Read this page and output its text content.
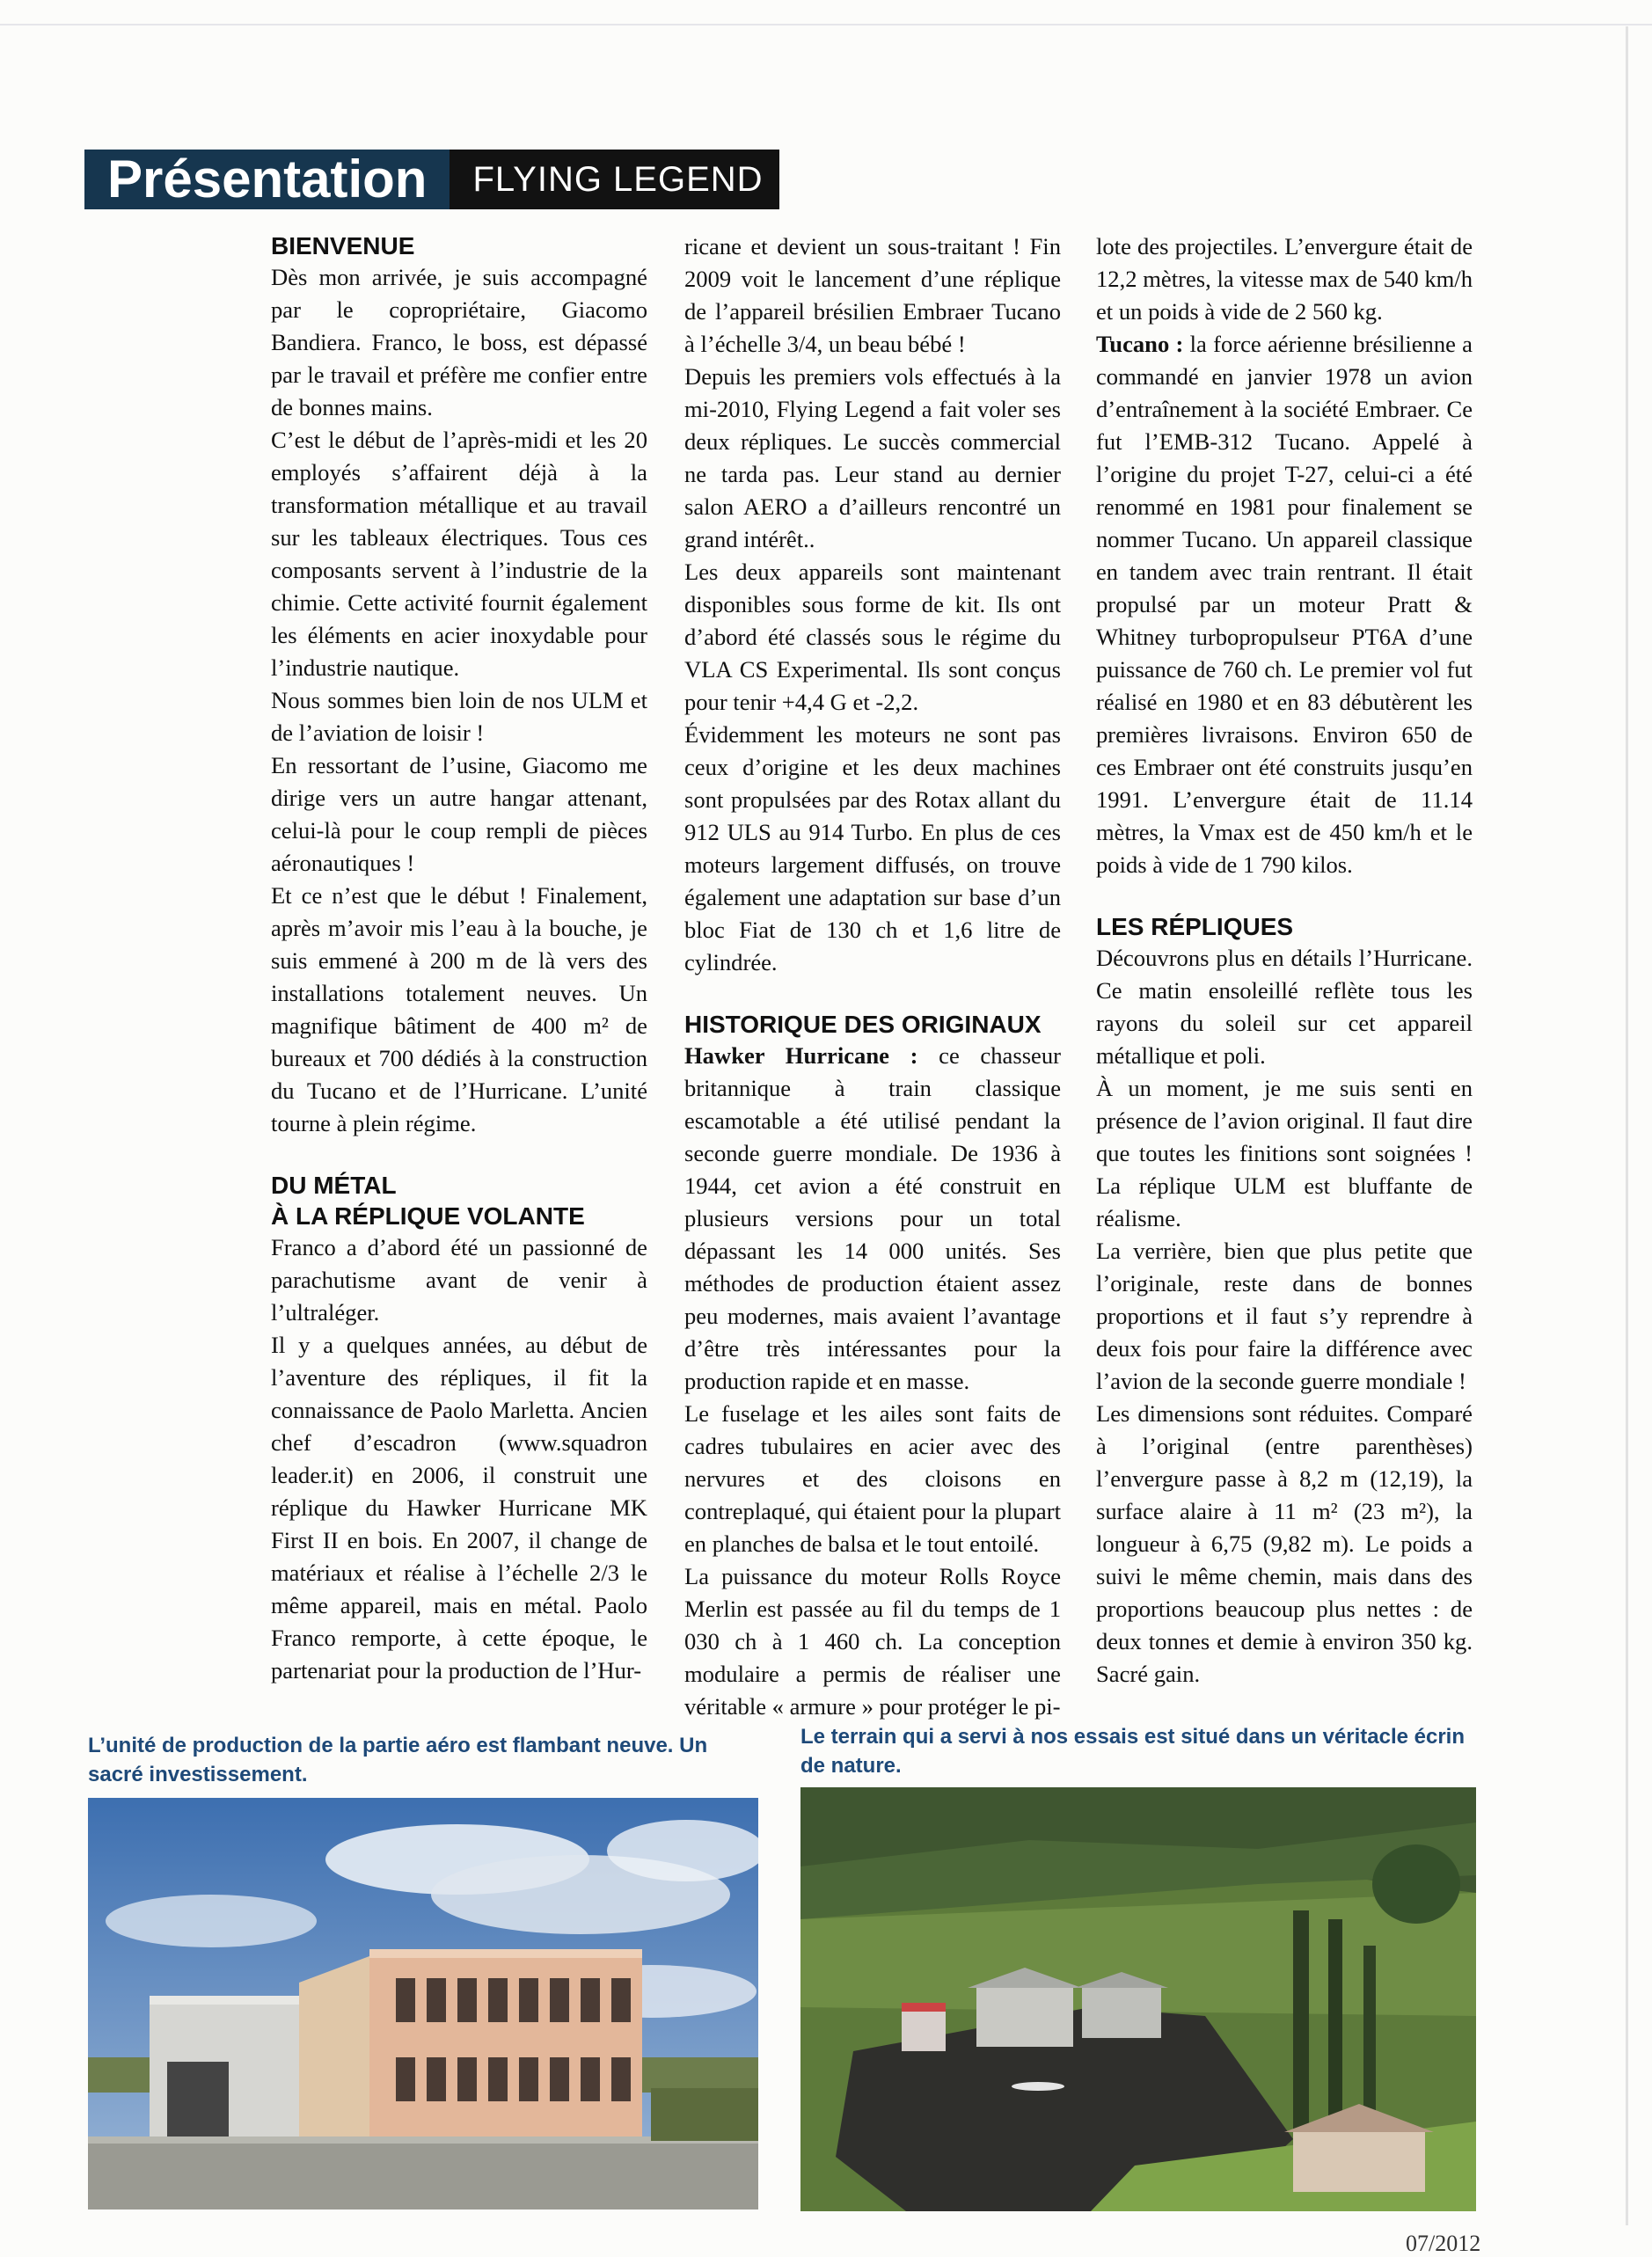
Présentation	FLYING LEGEND

BIENVENUE

Dès mon arrivée, je suis accompagné par le copropriétaire, Giacomo Bandiera. Franco, le boss, est dépassé par le travail et préfère me confier entre de bonnes mains.

C’est le début de l’après-midi et les 20 employés s’affairent déjà à la transformation métallique et au travail sur les tableaux électriques. Tous ces composants servent à l’industrie de la chimie. Cette activité fournit également les éléments en acier inoxydable pour l’industrie nautique.

Nous sommes bien loin de nos ULM et de l’aviation de loisir !

En ressortant de l’usine, Giacomo me dirige vers un autre hangar attenant, celui-là pour le coup rempli de pièces aéronautiques !

Et ce n’est que le début ! Finalement, après m’avoir mis l’eau à la bouche, je suis emmené à 200 m de là vers des installations totalement neuves. Un magnifique bâtiment de 400 m² de bureaux et 700 dédiés à la construction du Tucano et de l’Hurricane. L’unité tourne à plein régime.

DU MÉTAL

À LA RÉPLIQUE VOLANTE

Franco a d’abord été un passionné de parachutisme avant de venir à l’ultraléger.

Il y a quelques années, au début de l’aventure des répliques, il fit la connaissance de Paolo Marletta. Ancien chef d’escadron (www.squadron leader.it) en 2006, il construit une réplique du Hawker Hurricane MK First II en bois. En 2007, il change de matériaux et réalise à l’échelle 2/3 le même appareil, mais en métal. Paolo Franco remporte, à cette époque, le partenariat pour la production de l’Hur-

ricane et devient un sous-traitant ! Fin 2009 voit le lancement d’une réplique de l’appareil brésilien Embraer Tucano à l’échelle 3/4, un beau bébé !

Depuis les premiers vols effectués à la mi-2010, Flying Legend a fait voler ses deux répliques. Le succès commercial ne tarda pas. Leur stand au dernier salon AERO a d’ailleurs rencontré un grand intérêt..

Les deux appareils sont maintenant disponibles sous forme de kit. Ils ont d’abord été classés sous le régime du VLA CS Experimental. Ils sont conçus pour tenir +4,4 G et -2,2.

Évidemment les moteurs ne sont pas ceux d’origine et les deux machines sont propulsées par des Rotax allant du 912 ULS au 914 Turbo. En plus de ces moteurs largement diffusés, on trouve également une adaptation sur base d’un bloc Fiat de 130 ch et 1,6 litre de cylindrée.

HISTORIQUE DES ORIGINAUX

Hawker Hurricane : ce chasseur britannique à train classique escamotable a été utilisé pendant la seconde guerre mondiale. De 1936 à 1944, cet avion a été construit en plusieurs versions pour un total dépassant les 14 000 unités. Ses méthodes de production étaient assez peu modernes, mais avaient l’avantage d’être très intéressantes pour la production rapide et en masse.

Le fuselage et les ailes sont faits de cadres tubulaires en acier avec des nervures et des cloisons en contreplaqué, qui étaient pour la plupart en planches de balsa et le tout entoilé.

La puissance du moteur Rolls Royce Merlin est passée au fil du temps de 1 030 ch à 1 460 ch. La conception modulaire a permis de réaliser une véritable « armure » pour protéger le pi-

lote des projectiles. L’envergure était de 12,2 mètres, la vitesse max de 540 km/h et un poids à vide de 2 560 kg.

Tucano : la force aérienne brésilienne a commandé en janvier 1978 un avion d’entraînement à la société Embraer. Ce fut l’EMB-312 Tucano. Appelé à l’origine du projet T-27, celui-ci a été renommé en 1981 pour finalement se nommer Tucano. Un appareil classique en tandem avec train rentrant. Il était propulsé par un moteur Pratt & Whitney turbopropulseur PT6A d’une puissance de 760 ch. Le premier vol fut réalisé en 1980 et en 83 débutèrent les premières livraisons. Environ 650 de ces Embraer ont été construits jusqu’en 1991. L’envergure était de 11.14 mètres, la Vmax est de 450 km/h et le poids à vide de 1 790 kilos.

LES RÉPLIQUES

Découvrons plus en détails l’Hurricane. Ce matin ensoleillé reflète tous les rayons du soleil sur cet appareil métallique et poli.

À un moment, je me suis senti en présence de l’avion original. Il faut dire que toutes les finitions sont soignées ! La réplique ULM est bluffante de réalisme.

La verrière, bien que plus petite que l’originale, reste dans de bonnes proportions et il faut s’y reprendre à deux fois pour faire la différence avec l’avion de la seconde guerre mondiale !

Les dimensions sont réduites. Comparé à l’original (entre parenthèses) l’envergure passe à 8,2 m (12,19), la surface alaire à 11 m² (23 m²), la longueur à 6,75 (9,82 m). Le poids a suivi le même chemin, mais dans des proportions beaucoup plus nettes : de deux tonnes et demie à environ 350 kg. Sacré gain.

L’unité de production de la partie aéro est flambant neuve. Un sacré investissement.
Le terrain qui a servi à nos essais est situé dans un véritacle écrin de nature.
07/2012
